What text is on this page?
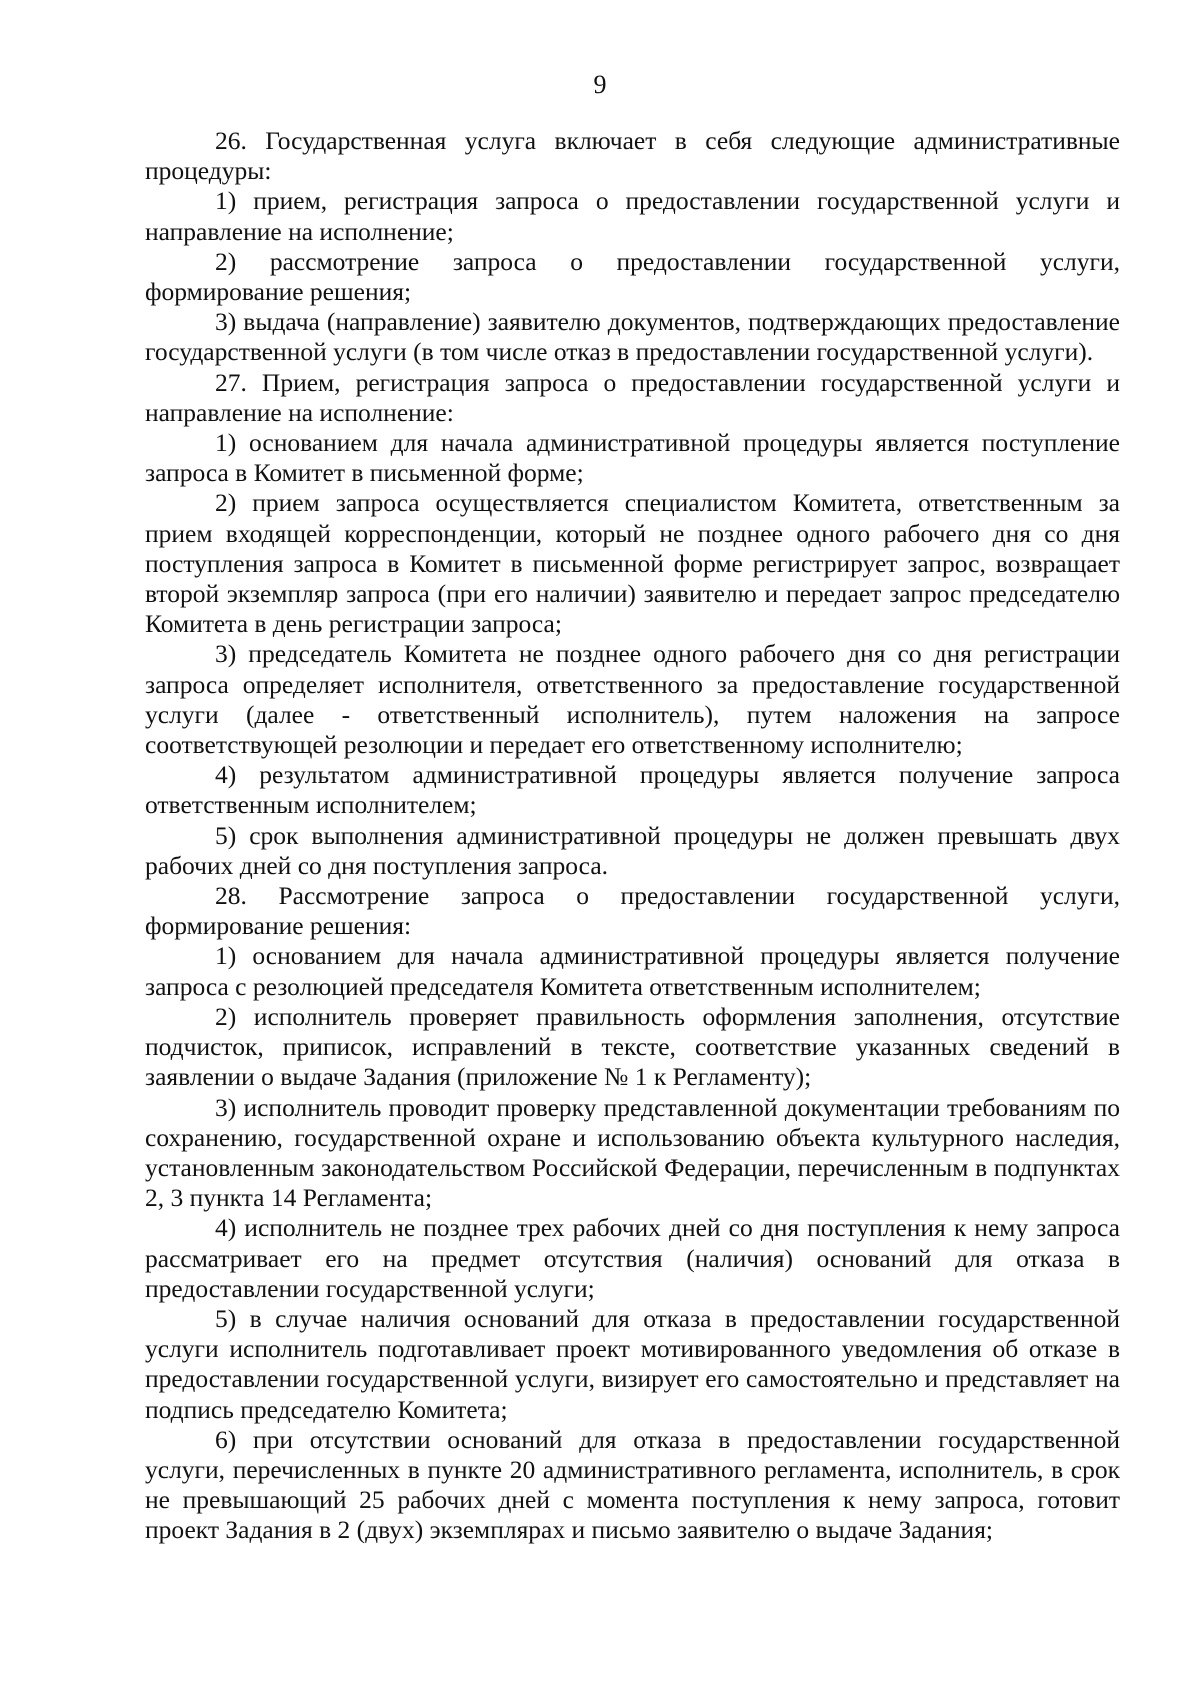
9

26. Государственная услуга включает в себя следующие административные процедуры:

1) прием, регистрация запроса о предоставлении государственной услуги и направление на исполнение;

2) рассмотрение запроса о предоставлении государственной услуги, формирование решения;

3) выдача (направление) заявителю документов, подтверждающих предоставление государственной услуги (в том числе отказ в предоставлении государственной услуги).

27. Прием, регистрация запроса о предоставлении государственной услуги и направление на исполнение:

1) основанием для начала административной процедуры является поступление запроса в Комитет в письменной форме;

2) прием запроса осуществляется специалистом Комитета, ответственным за прием входящей корреспонденции, который не позднее одного рабочего дня со дня поступления запроса в Комитет в письменной форме регистрирует запрос, возвращает второй экземпляр запроса (при его наличии) заявителю и передает запрос председателю Комитета в день регистрации запроса;

3) председатель Комитета не позднее одного рабочего дня со дня регистрации запроса определяет исполнителя, ответственного за предоставление государственной услуги (далее - ответственный исполнитель), путем наложения на запросе соответствующей резолюции и передает его ответственному исполнителю;

4) результатом административной процедуры является получение запроса ответственным исполнителем;

5) срок выполнения административной процедуры не должен превышать двух рабочих дней со дня поступления запроса.

28. Рассмотрение запроса о предоставлении государственной услуги, формирование решения:

1) основанием для начала административной процедуры является получение запроса с резолюцией председателя Комитета ответственным исполнителем;

2) исполнитель проверяет правильность оформления заполнения, отсутствие подчисток, приписок, исправлений в тексте, соответствие указанных сведений в заявлении о выдаче Задания (приложение № 1 к Регламенту);

3) исполнитель проводит проверку представленной документации требованиям по сохранению, государственной охране и использованию объекта культурного наследия, установленным законодательством Российской Федерации, перечисленным в подпунктах 2, 3 пункта 14 Регламента;

4) исполнитель не позднее трех рабочих дней со дня поступления к нему запроса рассматривает его на предмет отсутствия (наличия) оснований для отказа в предоставлении государственной услуги;

5) в случае наличия оснований для отказа в предоставлении государственной услуги исполнитель подготавливает проект мотивированного уведомления об отказе в предоставлении государственной услуги, визирует его самостоятельно и представляет на подпись председателю Комитета;

6) при отсутствии оснований для отказа в предоставлении государственной услуги, перечисленных в пункте 20 административного регламента, исполнитель, в срок не превышающий 25 рабочих дней с момента поступления к нему запроса, готовит проект Задания в 2 (двух) экземплярах и письмо заявителю о выдаче Задания;
